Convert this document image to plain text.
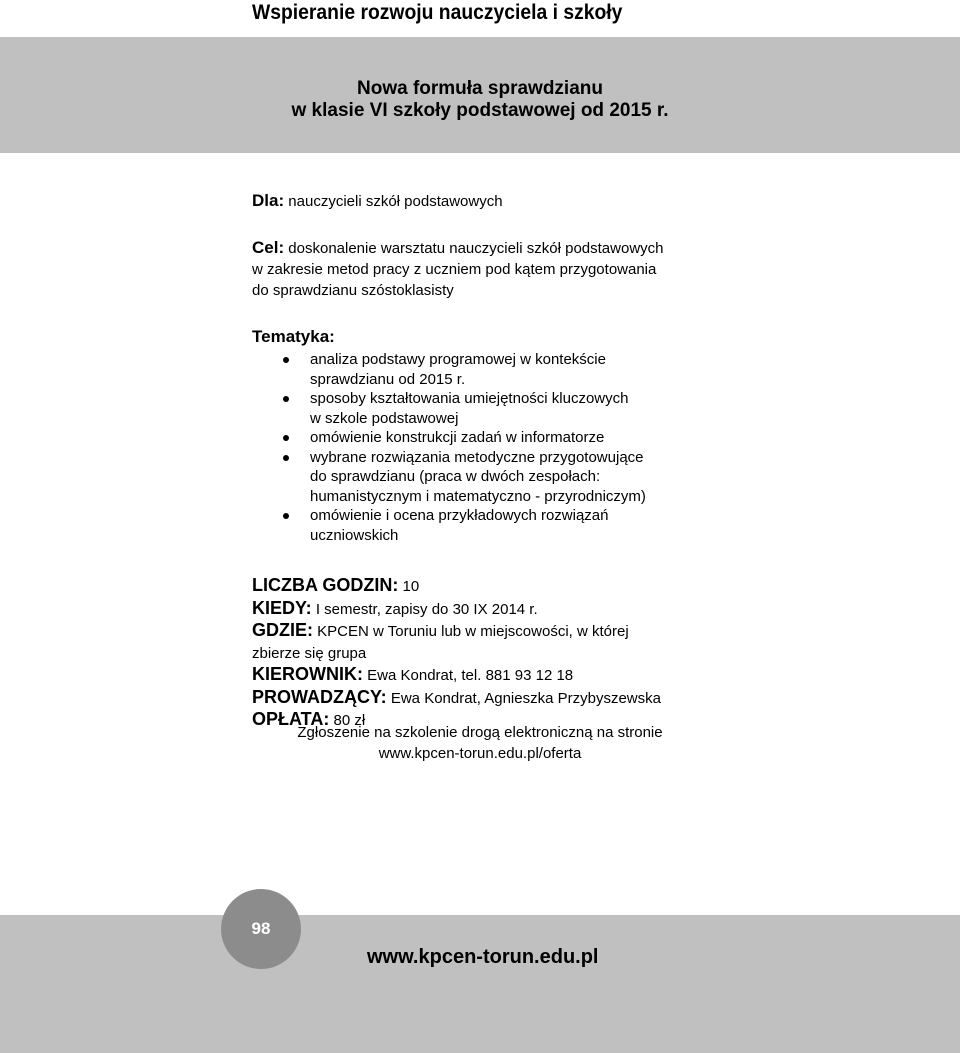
Wspieranie rozwoju nauczyciela i szkoły
Nowa formuła sprawdzianu
w klasie VI szkoły podstawowej od 2015 r.

Dla: nauczycieli szkół podstawowych

Cel: doskonalenie warsztatu nauczycieli szkół podstawowych

w zakresie metod pracy z uczniem pod kątem przygotowania

do sprawdzianu szóstoklasisty

Tematyka:
analiza podstawy programowej w kontekście
sprawdzianu od 2015 r.
sposoby kształtowania umiejętności kluczowych
w szkole podstawowej
omówienie konstrukcji zadań w informatorze
wybrane rozwiązania metodyczne przygotowujące
do sprawdzianu (praca w dwóch zespołach:
humanistycznym i matematyczno - przyrodniczym)
omówienie i ocena przykładowych rozwiązań
uczniowskich

LICZBA GODZIN: 10

KIEDY: I semestr, zapisy do 30 IX 2014 r.

GDZIE: KPCEN w Toruniu lub w miejscowości, w której

zbierze się grupa

KIEROWNIK: Ewa Kondrat, tel. 881 93 12 18

PROWADZĄCY: Ewa Kondrat, Agnieszka Przybyszewska

OPŁATA: 80 zł

Zgłoszenie na szkolenie drogą elektroniczną na stronie
www.kpcen-torun.edu.pl/oferta
98
www.kpcen-torun.edu.pl
